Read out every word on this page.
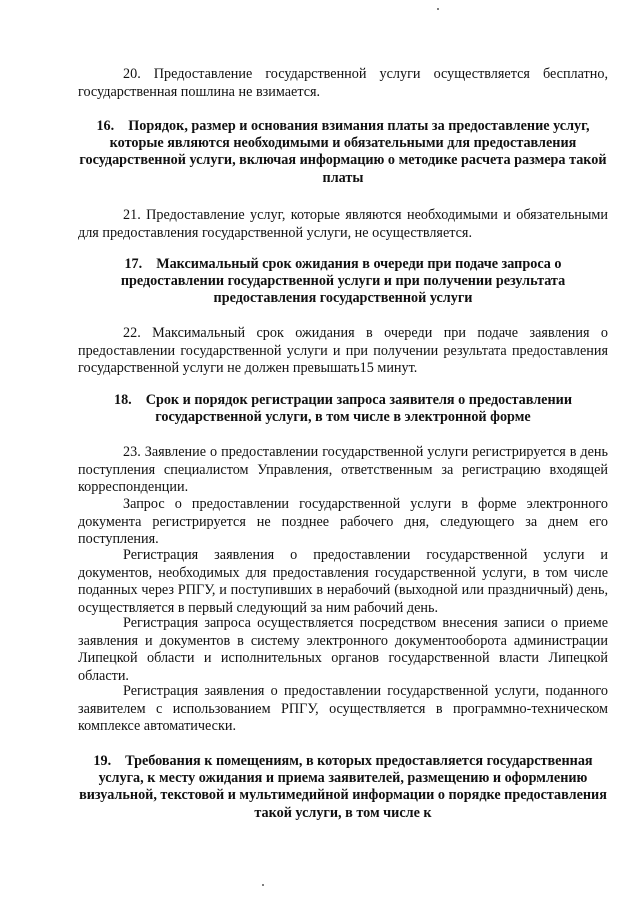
20. Предоставление государственной услуги осуществляется бесплатно, государственная пошлина не взимается.

16. Порядок, размер и основания взимания платы за предоставление услуг, которые являются необходимыми и обязательными для предоставления государственной услуги, включая информацию о методике расчета размера такой платы

21. Предоставление услуг, которые являются необходимыми и обязательными для предоставления государственной услуги, не осуществляется.

17. Максимальный срок ожидания в очереди при подаче запроса о предоставлении государственной услуги и при получении результата предоставления государственной услуги

22. Максимальный срок ожидания в очереди при подаче заявления о предоставлении государственной услуги и при получении результата предоставления государственной услуги не должен превышать15 минут.

18. Срок и порядок регистрации запроса заявителя о предоставлении государственной услуги, в том числе в электронной форме

23. Заявление о предоставлении государственной услуги регистрируется в день поступления специалистом Управления, ответственным за регистрацию входящей корреспонденции.

Запрос о предоставлении государственной услуги в форме электронного документа регистрируется не позднее рабочего дня, следующего за днем его поступления.

Регистрация заявления о предоставлении государственной услуги и документов, необходимых для предоставления государственной услуги, в том числе поданных через РПГУ, и поступивших в нерабочий (выходной или праздничный) день, осуществляется в первый следующий за ним рабочий день.

Регистрация запроса осуществляется посредством внесения записи о приеме заявления и документов в систему электронного документооборота администрации Липецкой области и исполнительных органов государственной власти Липецкой области.

Регистрация заявления о предоставлении государственной услуги, поданного заявителем с использованием РПГУ, осуществляется в программно-техническом комплексе автоматически.

19. Требования к помещениям, в которых предоставляется государственная услуга, к месту ожидания и приема заявителей, размещению и оформлению визуальной, текстовой и мультимедийной информации о порядке предоставления такой услуги, в том числе к
